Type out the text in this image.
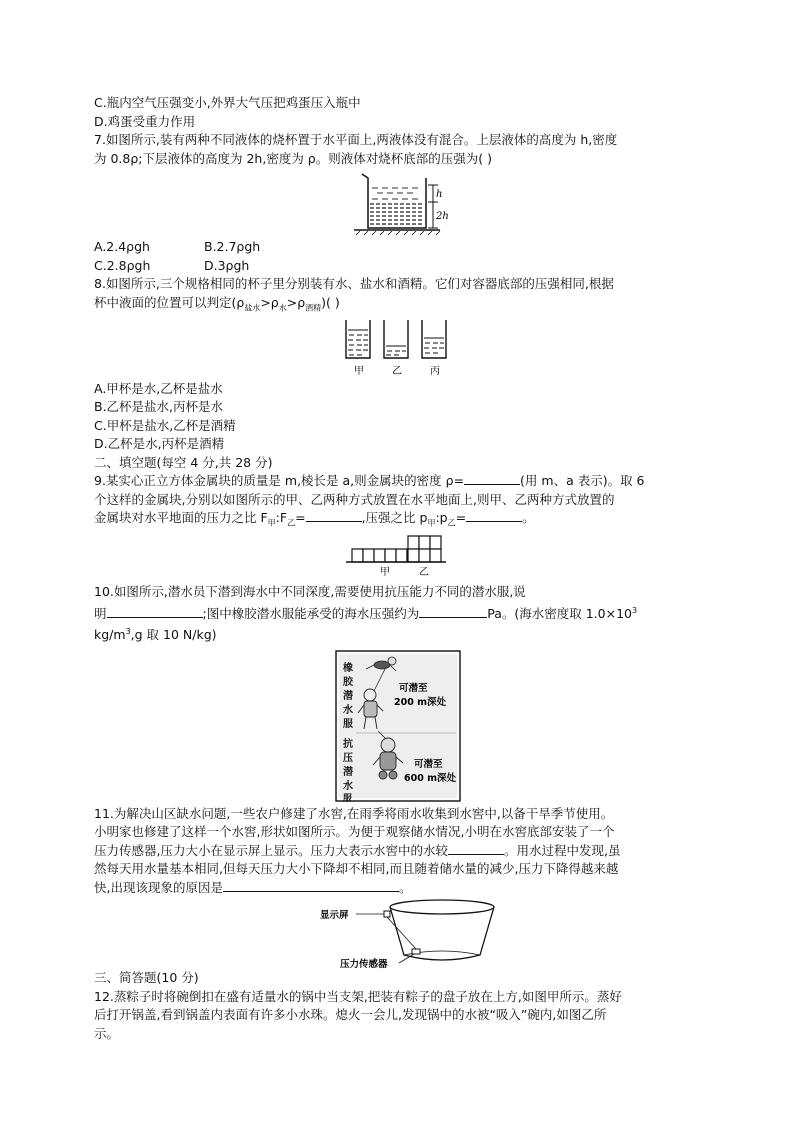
C.瓶内空气压强变小,外界大气压把鸡蛋压入瓶中
D.鸡蛋受重力作用
7.如图所示,装有两种不同液体的烧杯置于水平面上,两液体没有混合。上层液体的高度为 h,密度
为 0.8ρ;下层液体的高度为 2h,密度为 ρ。则液体对烧杯底部的压强为( )
h
2h
A.2.4ρgh	B.2.7ρgh
C.2.8ρgh	D.3ρgh
8.如图所示,三个规格相同的杯子里分别装有水、盐水和酒精。它们对容器底部的压强相同,根据
杯中液面的位置可以判定$(\rho_{盐水}>\rho_水>\rho_{酒精})$( )
甲	乙	丙
A.甲杯是水,乙杯是盐水
B.乙杯是盐水,丙杯是水
C.甲杯是盐水,乙杯是酒精
D.乙杯是水,丙杯是酒精
二、填空题(每空 4 分,共 28 分)
9.某实心正立方体金属块的质量是 m,棱长是 a,则金属块的密度 ρ=	(用 m、a 表示)。取 6
个这样的金属块,分别以如图所示的甲、乙两种方式放置在水平地面上,则甲、乙两种方式放置的
金属块对水平地面的压力之比 $F_甲:F_乙=$	,压强之比 $p_甲:p_乙=$	。
甲	乙
10.如图所示,潜水员下潜到海水中不同深度,需要使用抗压能力不同的潜水服,说
明	;图中橡胶潜水服能承受的海水压强约为	Pa。(海水密度取 $1.0\times 10^3$
$kg/m^3,g$ 取 10 N/kg)
橡
胶
潜
水
服
抗
压
潜
水
服
可潜至
200 m深处
可潜至
600 m深处
11.为解决山区缺水问题,一些农户修建了水窖,在雨季将雨水收集到水窖中,以备干旱季节使用。
小明家也修建了这样一个水窖,形状如图所示。为便于观察储水情况,小明在水窖底部安装了一个
压力传感器,压力大小在显示屏上显示。压力大表示水窖中的水较	。用水过程中发现,虽
然每天用水量基本相同,但每天压力大小下降却不相同,而且随着储水量的减少,压力下降得越来越
快,出现该现象的原因是	。
显示屏
压力传感器
三、简答题(10 分)
12.蒸粽子时将碗倒扣在盛有适量水的锅中当支架,把装有粽子的盘子放在上方,如图甲所示。蒸好
后打开锅盖,看到锅盖内表面有许多小水珠。熄火一会儿,发现锅中的水被“吸入”碗内,如图乙所
示。
